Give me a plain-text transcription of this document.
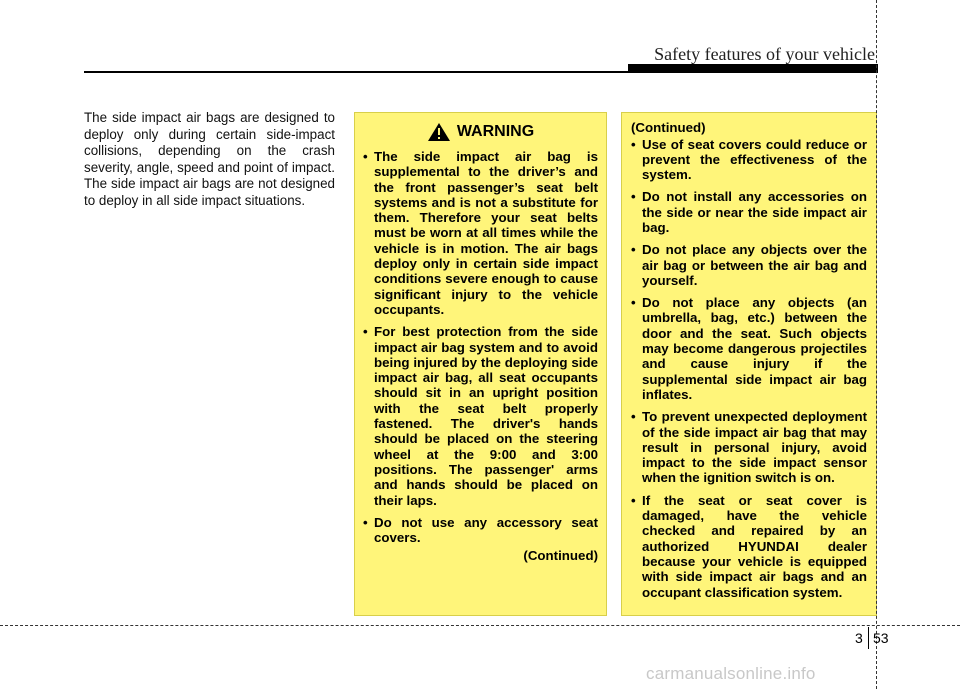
Safety features of your vehicle

The side impact air bags are designed to deploy only during certain side-impact collisions, depending on the crash severity, angle, speed and point of impact. The side impact air bags are not designed to deploy in all side impact situations.

WARNING
• The side impact air bag is supplemental to the driver’s and the front passenger’s seat belt systems and is not a substitute for them. Therefore your seat belts must be worn at all times while the vehicle is in motion. The air bags deploy only in certain side impact conditions severe enough to cause significant injury to the vehicle occupants.
• For best protection from the side impact air bag system and to avoid being injured by the deploying side impact air bag, all seat occupants should sit in an upright position with the seat belt properly fastened. The driver's hands should be placed on the steering wheel at the 9:00 and 3:00 positions. The passenger' arms and hands should be placed on their laps.
• Do not use any accessory seat covers.
(Continued)
(Continued)
• Use of seat covers could reduce or prevent the effectiveness of the system.
• Do not install any accessories on the side or near the side impact air bag.
• Do not place any objects over the air bag or between the air bag and yourself.
• Do not place any objects (an umbrella, bag, etc.) between the door and the seat. Such objects may become dangerous projectiles and cause injury if the supplemental side impact air bag inflates.
• To prevent unexpected deployment of the side impact air bag that may result in personal injury, avoid impact to the side impact sensor when the ignition switch is on.
• If the seat or seat cover is damaged, have the vehicle checked and repaired by an authorized HYUNDAI dealer because your vehicle is equipped with side impact air bags and an occupant classification system.
3 53
carmanualsonline.info
